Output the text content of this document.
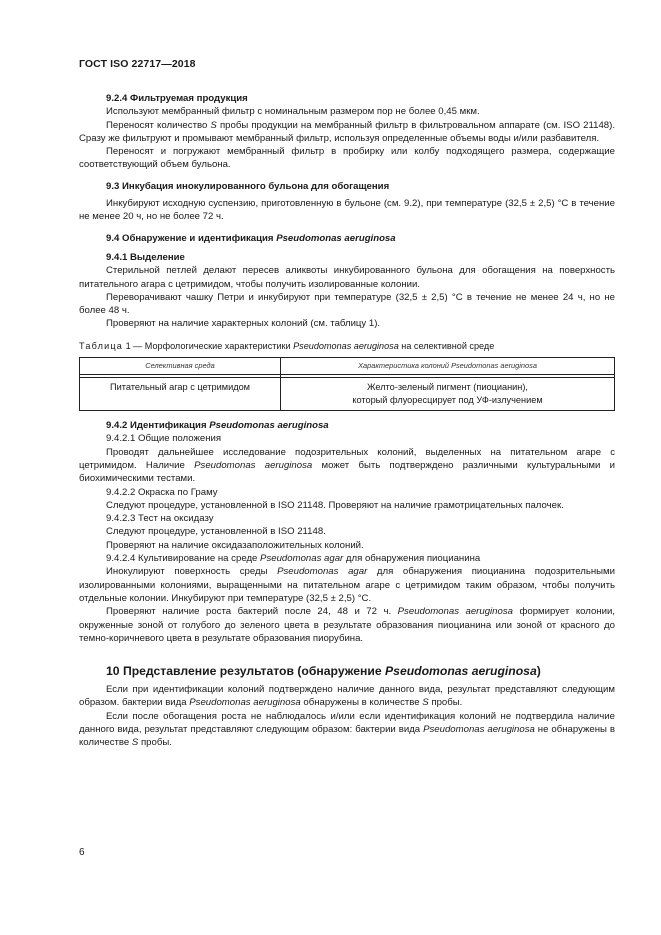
ГОСТ ISO 22717—2018

9.2.4 Фильтруемая продукция

Используют мембранный фильтр с номинальным размером пор не более 0,45 мкм.

Переносят количество S пробы продукции на мембранный фильтр в фильтровальном аппарате (см. ISO 21148). Сразу же фильтруют и промывают мембранный фильтр, используя определенные объемы воды и/или разбавителя.

Переносят и погружают мембранный фильтр в пробирку или колбу подходящего размера, содержащие соответствующий объем бульона.

9.3 Инкубация инокулированного бульона для обогащения

Инкубируют исходную суспензию, приготовленную в бульоне (см. 9.2), при температуре (32,5 ± 2,5) °С в течение не менее 20 ч, но не более 72 ч.

9.4 Обнаружение и идентификация Pseudomonas aeruginosa

9.4.1 Выделение

Стерильной петлей делают пересев аликвоты инкубированного бульона для обогащения на поверхность питательного агара с цетримидом, чтобы получить изолированные колонии.

Переворачивают чашку Петри и инкубируют при температуре (32,5 ± 2,5) °С в течение не менее 24 ч, но не более 48 ч.

Проверяют на наличие характерных колоний (см. таблицу 1).

Таблица 1 — Морфологические характеристики Pseudomonas aeruginosa на селективной среде

Селективная среда	Характеристика колоний Pseudomonas aeruginosa

Питательный агар с цетримидом	Желто-зеленый пигмент (пиоцианин),
который флуоресцирует под УФ-излучением

9.4.2 Идентификация Pseudomonas aeruginosa

9.4.2.1 Общие положения

Проводят дальнейшее исследование подозрительных колоний, выделенных на питательном агаре с цетримидом. Наличие Pseudomonas aeruginosa может быть подтверждено различными культуральными и биохимическими тестами.

9.4.2.2 Окраска по Граму

Следуют процедуре, установленной в ISO 21148. Проверяют на наличие грамотрицательных палочек.

9.4.2.3 Тест на оксидазу

Следуют процедуре, установленной в ISO 21148.

Проверяют на наличие оксидазаположительных колоний.

9.4.2.4 Культивирование на среде Pseudomonas agar для обнаружения пиоцианина

Инокулируют поверхность среды Pseudomonas agar для обнаружения пиоцианина подозрительными изолированными колониями, выращенными на питательном агаре с цетримидом таким образом, чтобы получить отдельные колонии. Инкубируют при температуре (32,5 ± 2,5) °С.

Проверяют наличие роста бактерий после 24, 48 и 72 ч. Pseudomonas aeruginosa формирует колонии, окруженные зоной от голубого до зеленого цвета в результате образования пиоцианина или зоной от красного до темно-коричневого цвета в результате образования пиорубина.

10 Представление результатов (обнаружение Pseudomonas aeruginosa)

Если при идентификации колоний подтверждено наличие данного вида, результат представляют следующим образом. бактерии вида Pseudomonas aeruginosa обнаружены в количестве S пробы.

Если после обогащения роста не наблюдалось и/или если идентификация колоний не подтвердила наличие данного вида, результат представляют следующим образом: бактерии вида Pseudomonas aeruginosa не обнаружены в количестве S пробы.

6
